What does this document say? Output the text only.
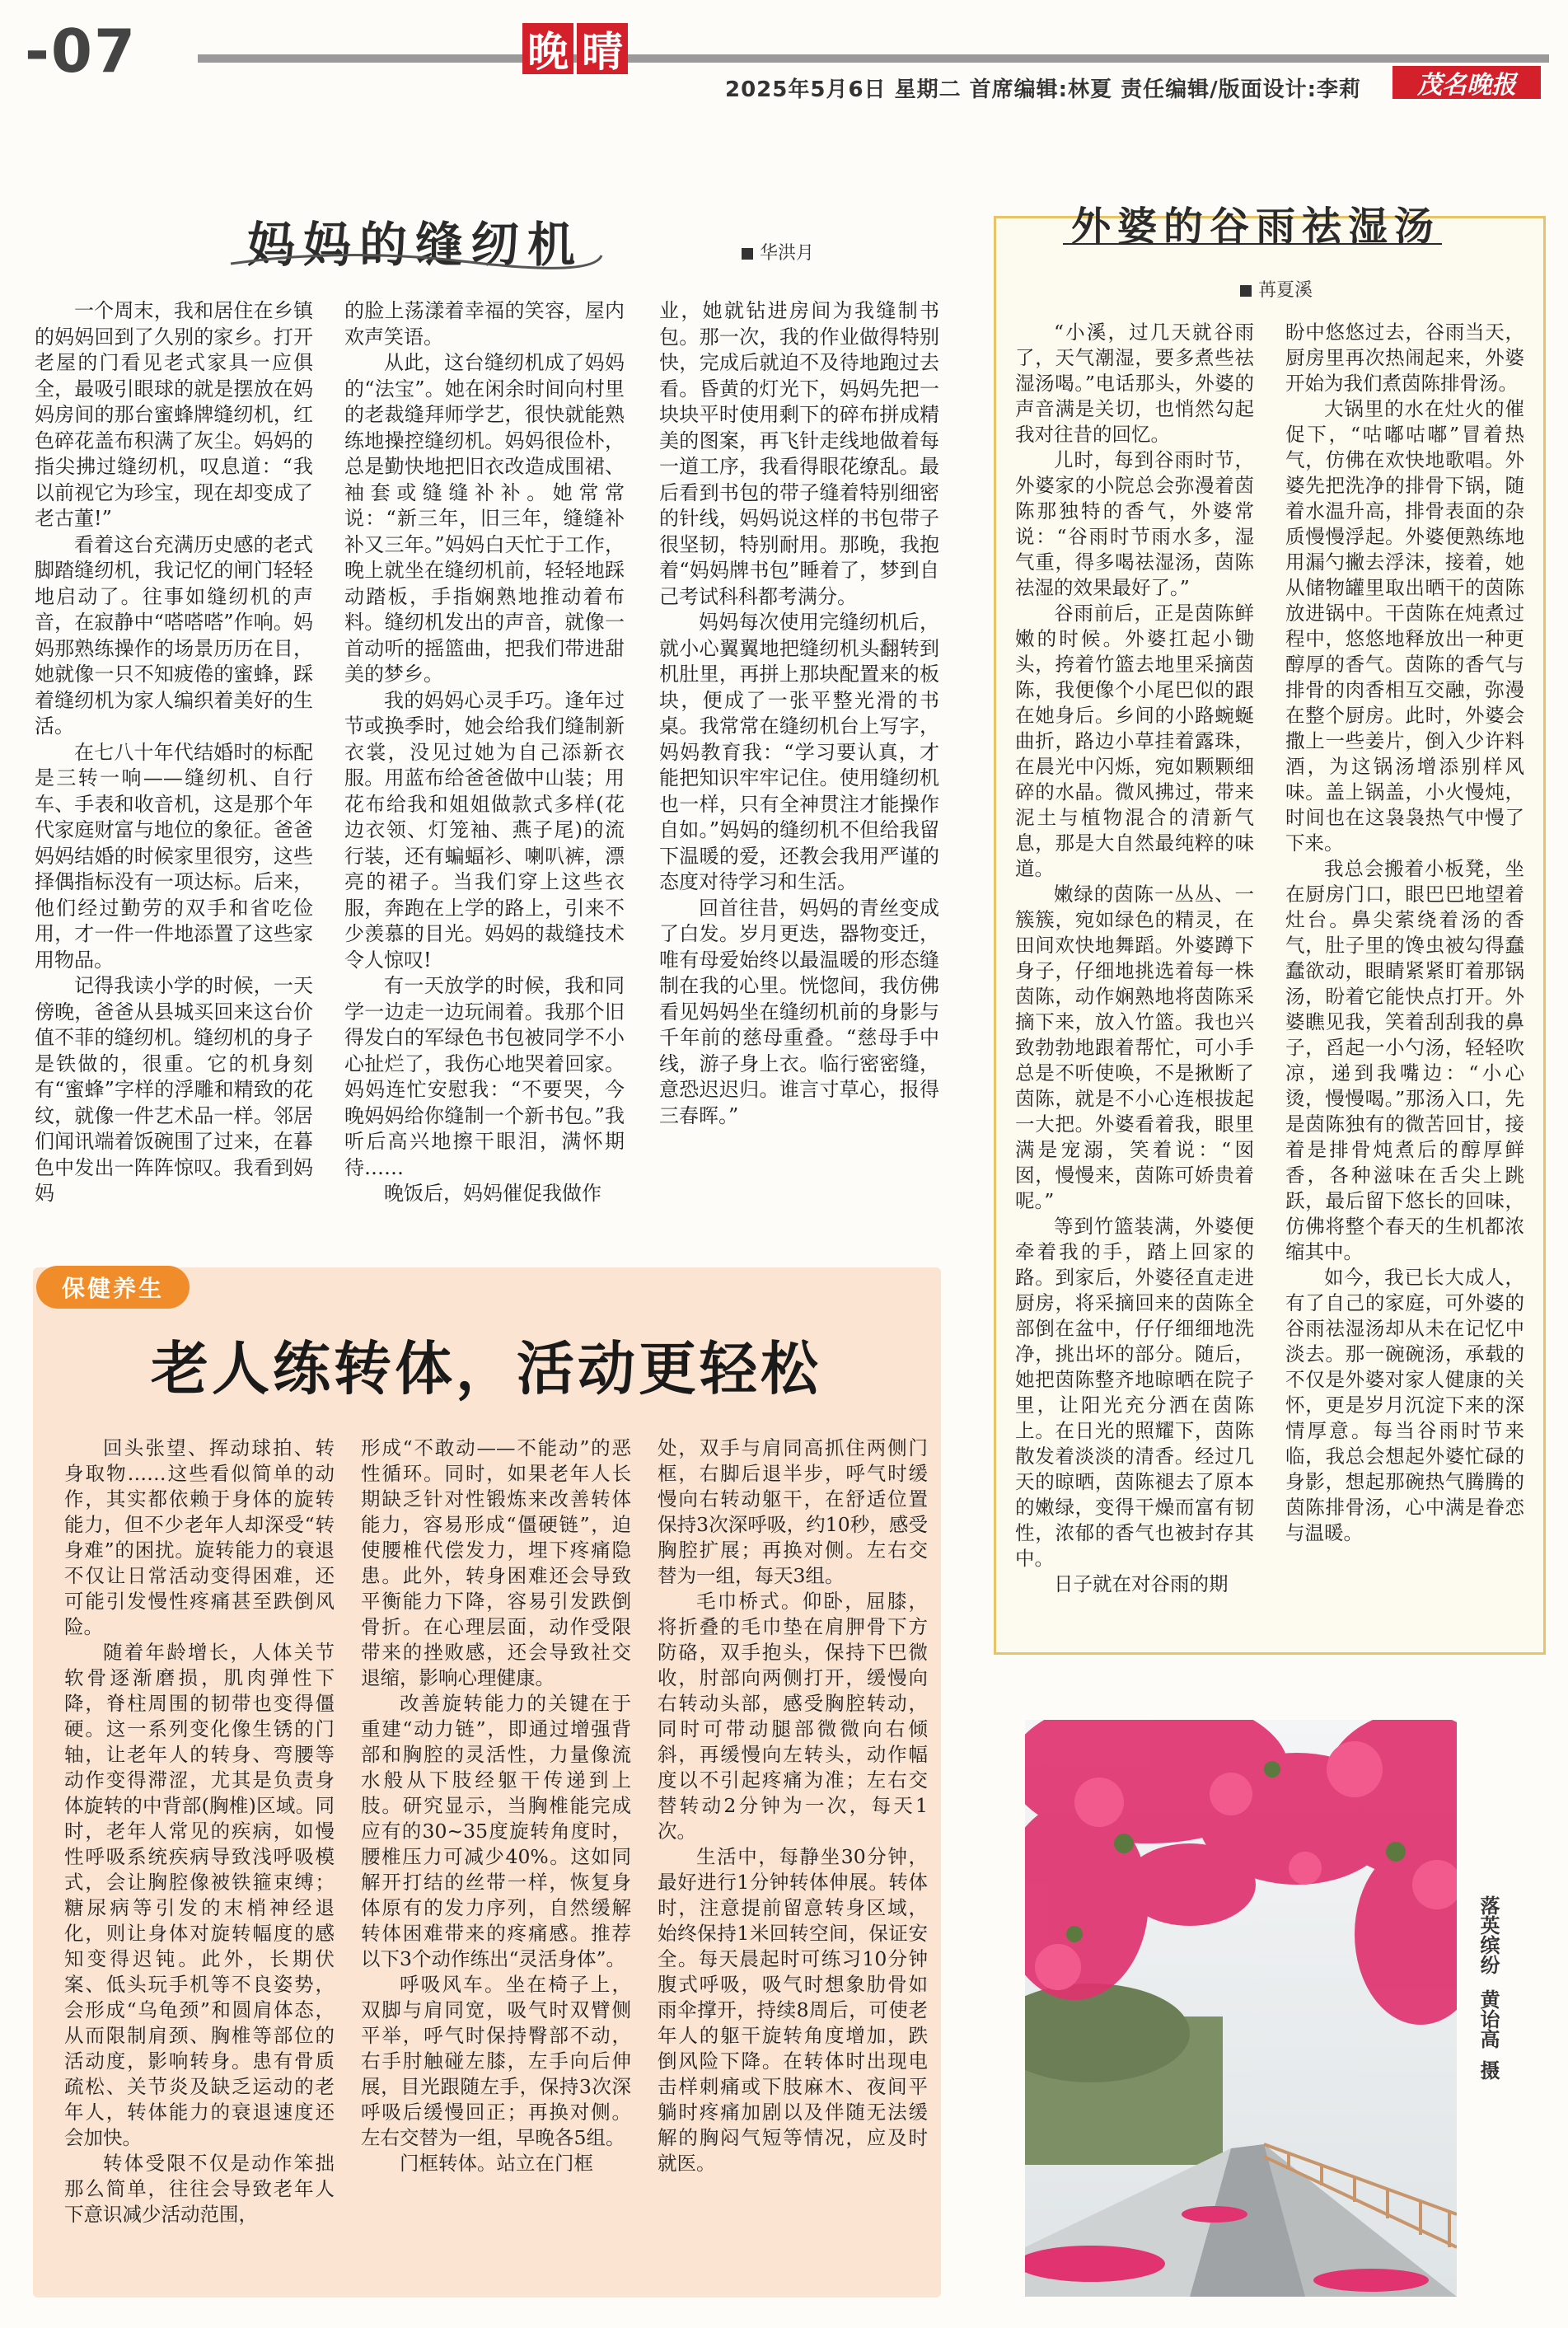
-07	晚 晴
2025年5月6日 星期二 首席编辑:林夏 责任编辑/版面设计:李莉	茂名晚报
妈妈的缝纫机	华洪月

一个周末，我和居住在乡镇的妈妈回到了久别的家乡。打开老屋的门看见老式家具一应俱全，最吸引眼球的就是摆放在妈妈房间的那台蜜蜂牌缝纫机，红色碎花盖布积满了灰尘。妈妈的指尖拂过缝纫机，叹息道：“我以前视它为珍宝，现在却变成了老古董!”

看着这台充满历史感的老式脚踏缝纫机，我记忆的闸门轻轻地启动了。往事如缝纫机的声音，在寂静中“嗒嗒嗒”作响。妈妈那熟练操作的场景历历在目，她就像一只不知疲倦的蜜蜂，踩着缝纫机为家人编织着美好的生活。

在七八十年代结婚时的标配是三转一响——缝纫机、自行车、手表和收音机，这是那个年代家庭财富与地位的象征。爸爸妈妈结婚的时候家里很穷，这些择偶指标没有一项达标。后来，他们经过勤劳的双手和省吃俭用，才一件一件地添置了这些家用物品。

记得我读小学的时候，一天傍晚，爸爸从县城买回来这台价值不菲的缝纫机。缝纫机的身子是铁做的，很重。它的机身刻有“蜜蜂”字样的浮雕和精致的花纹，就像一件艺术品一样。邻居们闻讯端着饭碗围了过来，在暮色中发出一阵阵惊叹。我看到妈妈

的脸上荡漾着幸福的笑容，屋内欢声笑语。

从此，这台缝纫机成了妈妈的“法宝”。她在闲余时间向村里的老裁缝拜师学艺，很快就能熟练地操控缝纫机。妈妈很俭朴，总是勤快地把旧衣改造成围裙、袖套或缝缝补补。她常常说：“新三年，旧三年，缝缝补补又三年。”妈妈白天忙于工作，晚上就坐在缝纫机前，轻轻地踩动踏板，手指娴熟地推动着布料。缝纫机发出的声音，就像一首动听的摇篮曲，把我们带进甜美的梦乡。

我的妈妈心灵手巧。逢年过节或换季时，她会给我们缝制新衣裳，没见过她为自己添新衣服。用蓝布给爸爸做中山装；用花布给我和姐姐做款式多样(花边衣领、灯笼袖、燕子尾)的流行装，还有蝙蝠衫、喇叭裤，漂亮的裙子。当我们穿上这些衣服，奔跑在上学的路上，引来不少羡慕的目光。妈妈的裁缝技术令人惊叹!

有一天放学的时候，我和同学一边走一边玩闹着。我那个旧得发白的军绿色书包被同学不小心扯烂了，我伤心地哭着回家。妈妈连忙安慰我：“不要哭，今晚妈妈给你缝制一个新书包。”我听后高兴地擦干眼泪，满怀期待……

晚饭后，妈妈催促我做作

业，她就钻进房间为我缝制书包。那一次，我的作业做得特别快，完成后就迫不及待地跑过去看。昏黄的灯光下，妈妈先把一块块平时使用剩下的碎布拼成精美的图案，再飞针走线地做着每一道工序，我看得眼花缭乱。最后看到书包的带子缝着特别细密的针线，妈妈说这样的书包带子很坚韧，特别耐用。那晚，我抱着“妈妈牌书包”睡着了，梦到自己考试科科都考满分。

妈妈每次使用完缝纫机后，就小心翼翼地把缝纫机头翻转到机肚里，再拼上那块配置来的板块，便成了一张平整光滑的书桌。我常常在缝纫机台上写字，妈妈教育我：“学习要认真，才能把知识牢牢记住。使用缝纫机也一样，只有全神贯注才能操作自如。”妈妈的缝纫机不但给我留下温暖的爱，还教会我用严谨的态度对待学习和生活。

回首往昔，妈妈的青丝变成了白发。岁月更迭，器物变迁，唯有母爱始终以最温暖的形态缝制在我的心里。恍惚间，我仿佛看见妈妈坐在缝纫机前的身影与千年前的慈母重叠。“慈母手中线，游子身上衣。临行密密缝，意恐迟迟归。谁言寸草心，报得三春晖。”

外婆的谷雨祛湿汤
苒夏溪

“小溪，过几天就谷雨了，天气潮湿，要多煮些祛湿汤喝。”电话那头，外婆的声音满是关切，也悄然勾起我对往昔的回忆。

儿时，每到谷雨时节，外婆家的小院总会弥漫着茵陈那独特的香气，外婆常说：“谷雨时节雨水多，湿气重，得多喝祛湿汤，茵陈祛湿的效果最好了。”

谷雨前后，正是茵陈鲜嫩的时候。外婆扛起小锄头，挎着竹篮去地里采摘茵陈，我便像个小尾巴似的跟在她身后。乡间的小路蜿蜒曲折，路边小草挂着露珠，在晨光中闪烁，宛如颗颗细碎的水晶。微风拂过，带来泥土与植物混合的清新气息，那是大自然最纯粹的味道。

嫩绿的茵陈一丛丛、一簇簇，宛如绿色的精灵，在田间欢快地舞蹈。外婆蹲下身子，仔细地挑选着每一株茵陈，动作娴熟地将茵陈采摘下来，放入竹篮。我也兴致勃勃地跟着帮忙，可小手总是不听使唤，不是揪断了茵陈，就是不小心连根拔起一大把。外婆看着我，眼里满是宠溺，笑着说：“囡囡，慢慢来，茵陈可娇贵着呢。”

等到竹篮装满，外婆便牵着我的手，踏上回家的路。到家后，外婆径直走进厨房，将采摘回来的茵陈全部倒在盆中，仔仔细细地洗净，挑出坏的部分。随后，她把茵陈整齐地晾晒在院子里，让阳光充分洒在茵陈上。在日光的照耀下，茵陈散发着淡淡的清香。经过几天的晾晒，茵陈褪去了原本的嫩绿，变得干燥而富有韧性，浓郁的香气也被封存其中。

日子就在对谷雨的期

盼中悠悠过去，谷雨当天，厨房里再次热闹起来，外婆开始为我们煮茵陈排骨汤。

大锅里的水在灶火的催促下，“咕嘟咕嘟”冒着热气，仿佛在欢快地歌唱。外婆先把洗净的排骨下锅，随着水温升高，排骨表面的杂质慢慢浮起。外婆便熟练地用漏勺撇去浮沫，接着，她从储物罐里取出晒干的茵陈放进锅中。干茵陈在炖煮过程中，悠悠地释放出一种更醇厚的香气。茵陈的香气与排骨的肉香相互交融，弥漫在整个厨房。此时，外婆会撒上一些姜片，倒入少许料酒，为这锅汤增添别样风味。盖上锅盖，小火慢炖，时间也在这袅袅热气中慢了下来。

我总会搬着小板凳，坐在厨房门口，眼巴巴地望着灶台。鼻尖萦绕着汤的香气，肚子里的馋虫被勾得蠢蠢欲动，眼睛紧紧盯着那锅汤，盼着它能快点打开。外婆瞧见我，笑着刮刮我的鼻子，舀起一小勺汤，轻轻吹凉，递到我嘴边：“小心烫，慢慢喝。”那汤入口，先是茵陈独有的微苦回甘，接着是排骨炖煮后的醇厚鲜香，各种滋味在舌尖上跳跃，最后留下悠长的回味，仿佛将整个春天的生机都浓缩其中。

如今，我已长大成人，有了自己的家庭，可外婆的谷雨祛湿汤却从未在记忆中淡去。那一碗碗汤，承载的不仅是外婆对家人健康的关怀，更是岁月沉淀下来的深情厚意。每当谷雨时节来临，我总会想起外婆忙碌的身影，想起那碗热气腾腾的茵陈排骨汤，心中满是眷恋与温暖。

保健养生
老人练转体，活动更轻松

回头张望、挥动球拍、转身取物……这些看似简单的动作，其实都依赖于身体的旋转能力，但不少老年人却深受“转身难”的困扰。旋转能力的衰退不仅让日常活动变得困难，还可能引发慢性疼痛甚至跌倒风险。

随着年龄增长，人体关节软骨逐渐磨损，肌肉弹性下降，脊柱周围的韧带也变得僵硬。这一系列变化像生锈的门轴，让老年人的转身、弯腰等动作变得滞涩，尤其是负责身体旋转的中背部(胸椎)区域。同时，老年人常见的疾病，如慢性呼吸系统疾病导致浅呼吸模式，会让胸腔像被铁箍束缚；糖尿病等引发的末梢神经退化，则让身体对旋转幅度的感知变得迟钝。此外，长期伏案、低头玩手机等不良姿势，会形成“乌龟颈”和圆肩体态，从而限制肩颈、胸椎等部位的活动度，影响转身。患有骨质疏松、关节炎及缺乏运动的老年人，转体能力的衰退速度还会加快。

转体受限不仅是动作笨拙那么简单，往往会导致老年人下意识减少活动范围，

形成“不敢动——不能动”的恶性循环。同时，如果老年人长期缺乏针对性锻炼来改善转体能力，容易形成“僵硬链”，迫使腰椎代偿发力，埋下疼痛隐患。此外，转身困难还会导致平衡能力下降，容易引发跌倒骨折。在心理层面，动作受限带来的挫败感，还会导致社交退缩，影响心理健康。

改善旋转能力的关键在于重建“动力链”，即通过增强背部和胸腔的灵活性，力量像流水般从下肢经躯干传递到上肢。研究显示，当胸椎能完成应有的30~35度旋转角度时，腰椎压力可减少40%。这如同解开打结的丝带一样，恢复身体原有的发力序列，自然缓解转体困难带来的疼痛感。推荐以下3个动作练出“灵活身体”。

呼吸风车。坐在椅子上，双脚与肩同宽，吸气时双臂侧平举，呼气时保持臀部不动，右手肘触碰左膝，左手向后伸展，目光跟随左手，保持3次深呼吸后缓慢回正；再换对侧。左右交替为一组，早晚各5组。

门框转体。站立在门框

处，双手与肩同高抓住两侧门框，右脚后退半步，呼气时缓慢向右转动躯干，在舒适位置保持3次深呼吸，约10秒，感受胸腔扩展；再换对侧。左右交替为一组，每天3组。

毛巾桥式。仰卧，屈膝，将折叠的毛巾垫在肩胛骨下方防硌，双手抱头，保持下巴微收，肘部向两侧打开，缓慢向右转动头部，感受胸腔转动，同时可带动腿部微微向右倾斜，再缓慢向左转头，动作幅度以不引起疼痛为准；左右交替转动2分钟为一次，每天1次。

生活中，每静坐30分钟，最好进行1分钟转体伸展。转体时，注意提前留意转身区域，始终保持1米回转空间，保证安全。每天晨起时可练习10分钟腹式呼吸，吸气时想象肋骨如雨伞撑开，持续8周后，可使老年人的躯干旋转角度增加，跌倒风险下降。在转体时出现电击样刺痛或下肢麻木、夜间平躺时疼痛加剧以及伴随无法缓解的胸闷气短等情况，应及时就医。

落英缤纷
黄诒高
摄
